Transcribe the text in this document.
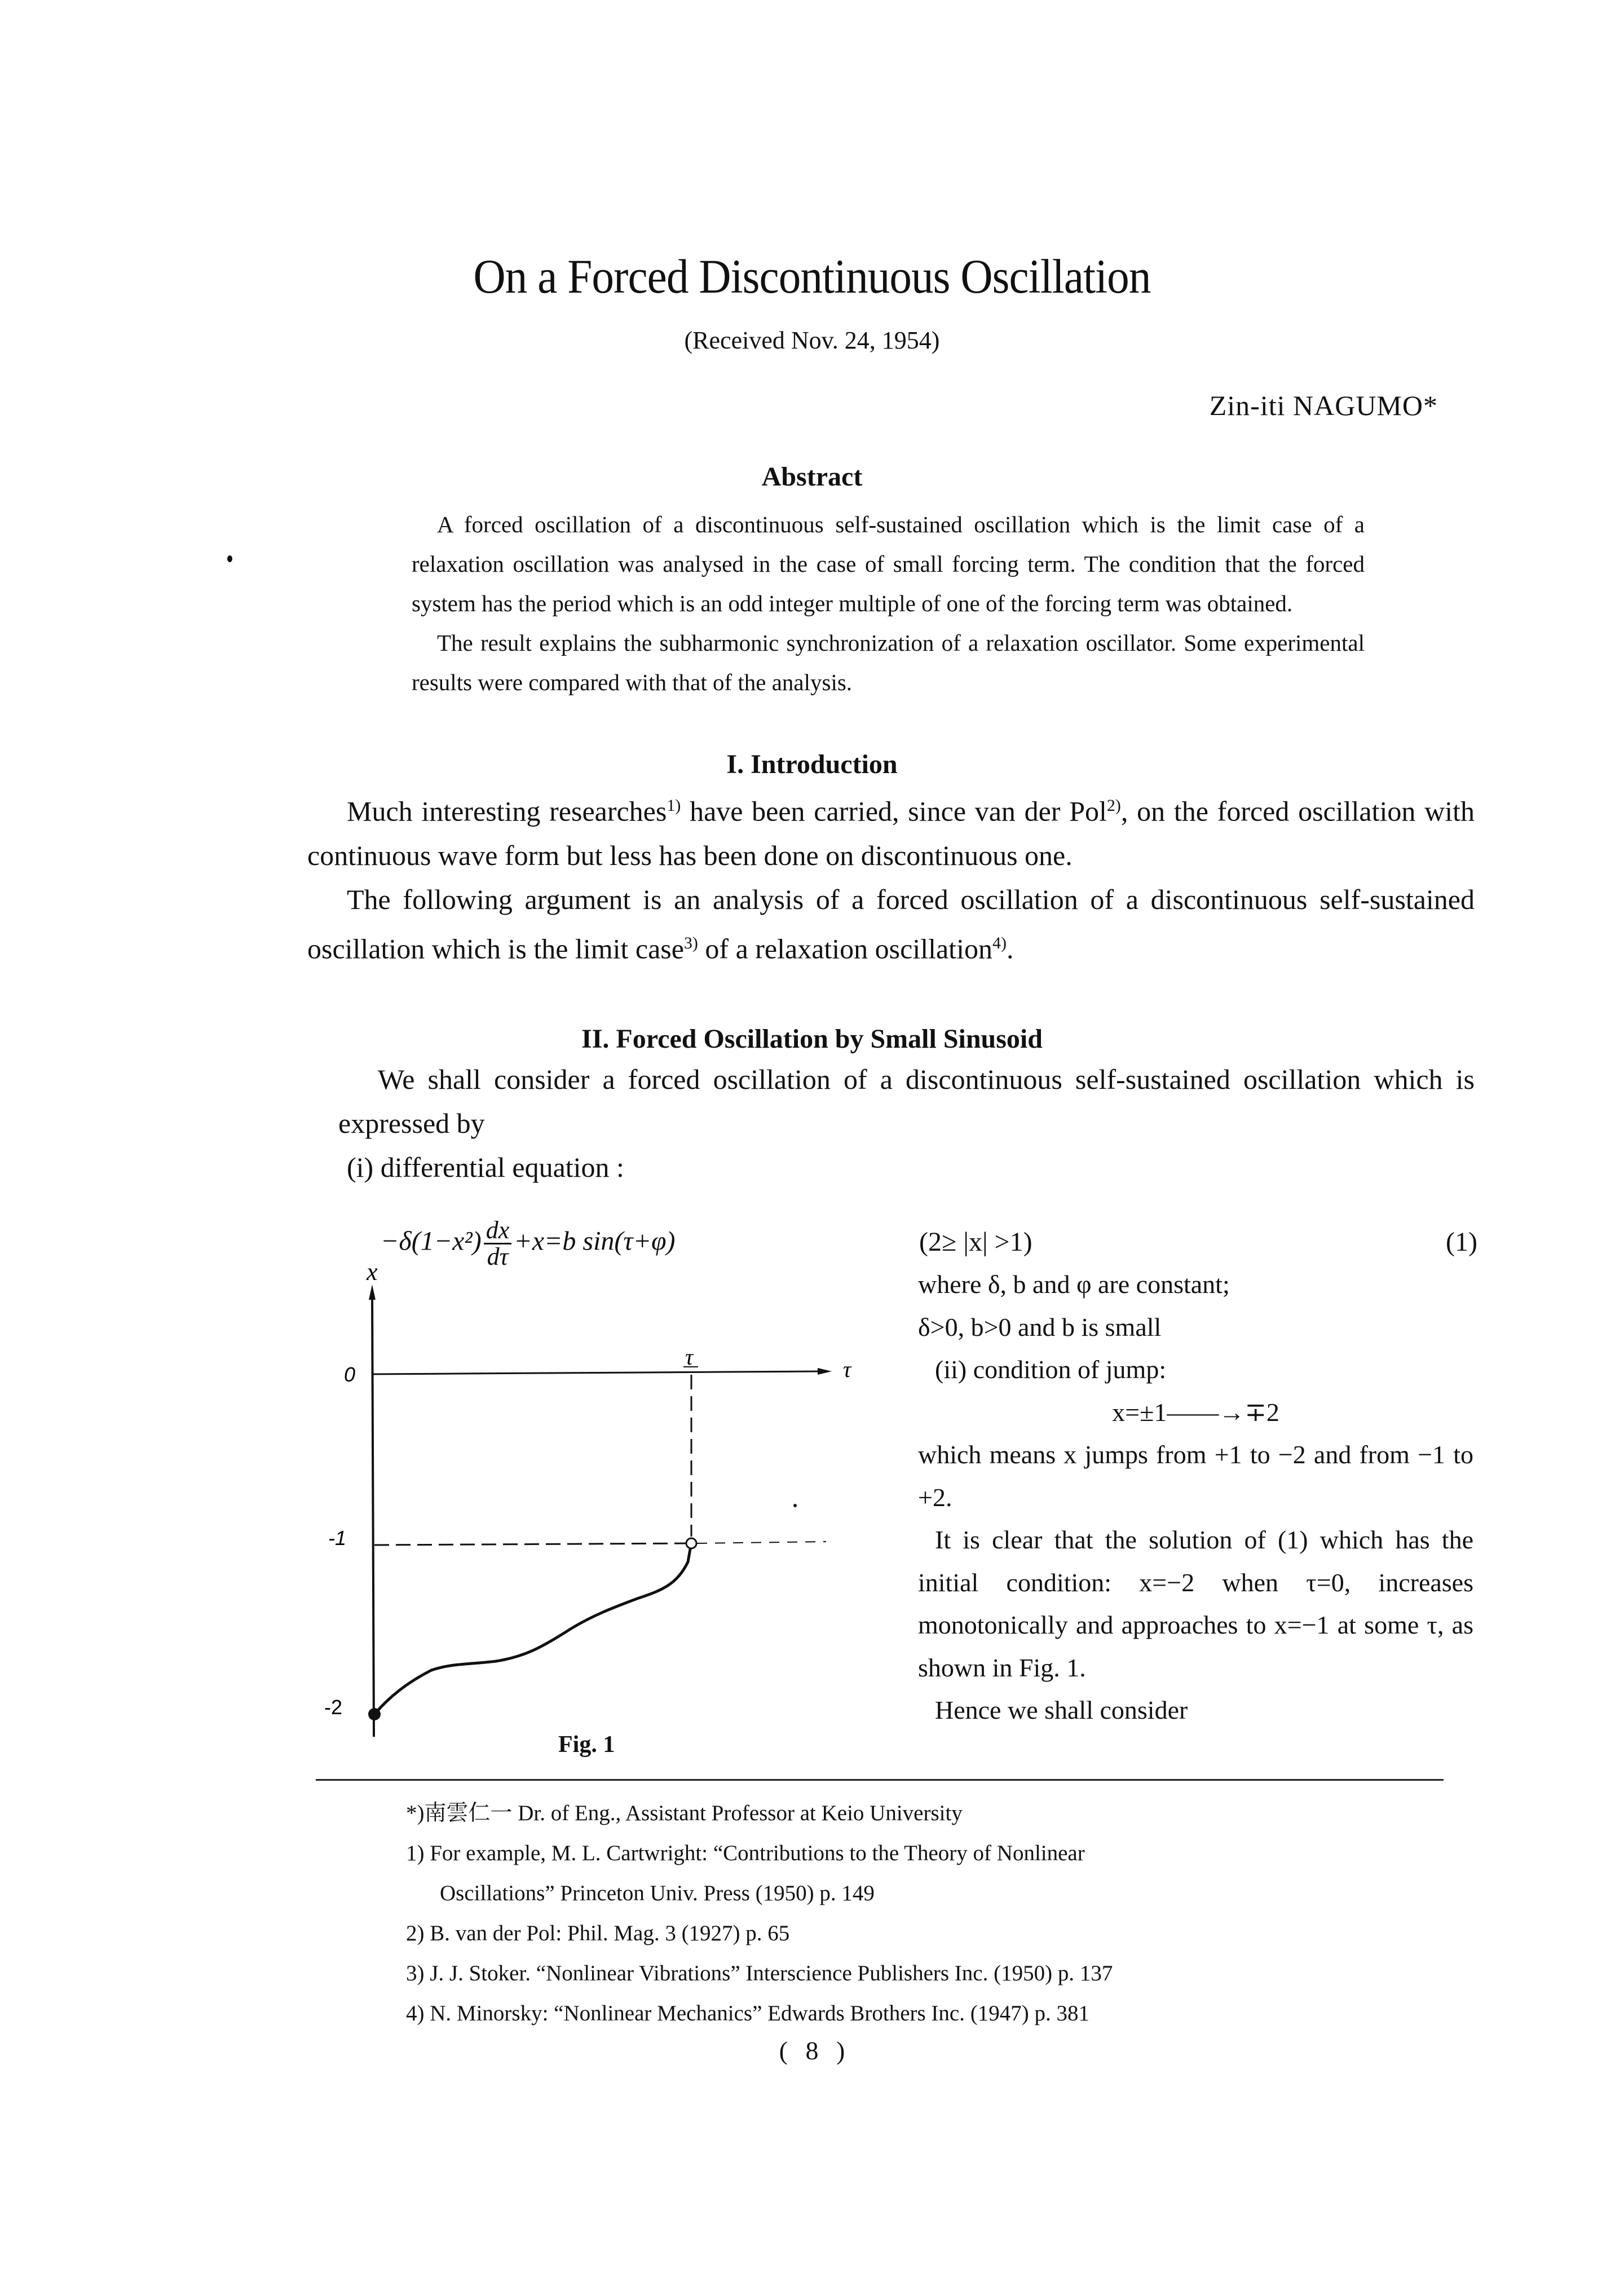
On a Forced Discontinuous Oscillation
(Received Nov. 24, 1954)
Zin-iti NAGUMO*
Abstract

A forced oscillation of a discontinuous self-sustained oscillation which is the limit case of a relaxation oscillation was analysed in the case of small forcing term. The condition that the forced system has the period which is an odd integer multiple of one of the forcing term was obtained.

The result explains the subharmonic synchronization of a relaxation oscillator. Some experimental results were compared with that of the analysis.

I. Introduction

Much interesting researches$^{1)}$ have been carried, since van der Pol$^{2)}$, on the forced oscillation with continuous wave form but less has been done on discontinuous one.

The following argument is an analysis of a forced oscillation of a discontinuous self-sustained oscillation which is the limit case$^{3)}$ of a relaxation oscillation$^{4)}$.

II. Forced Oscillation by Small Sinusoid

We shall consider a forced oscillation of a discontinuous self-sustained oscillation which is expressed by

(i) differential equation :

$-\delta(1-x^2) \frac{dx}{d\tau} +x=b$ sin(τ+φ)	(2≥ |x| >1)	(1)
x
τ
0
-1
-2
τ
Fig. 1

where δ, b and φ are constant;

δ>0, b>0 and b is small

(ii) condition of jump:

x=±1——→∓2

which means x jumps from +1 to −2 and from −1 to +2.

It is clear that the solution of (1) which has the initial condition: x=−2 when τ=0, increases monotonically and approaches to x=−1 at some τ, as shown in Fig. 1.

Hence we shall consider

*)南雲仁一 Dr. of Eng., Assistant Professor at Keio University
1) For example, M. L. Cartwright: “Contributions to the Theory of Nonlinear
Oscillations” Princeton Univ. Press (1950) p. 149
2) B. van der Pol: Phil. Mag. 3 (1927) p. 65
3) J. J. Stoker. “Nonlinear Vibrations” Interscience Publishers Inc. (1950) p. 137
4) N. Minorsky: “Nonlinear Mechanics” Edwards Brothers Inc. (1947) p. 381
( 8 )
